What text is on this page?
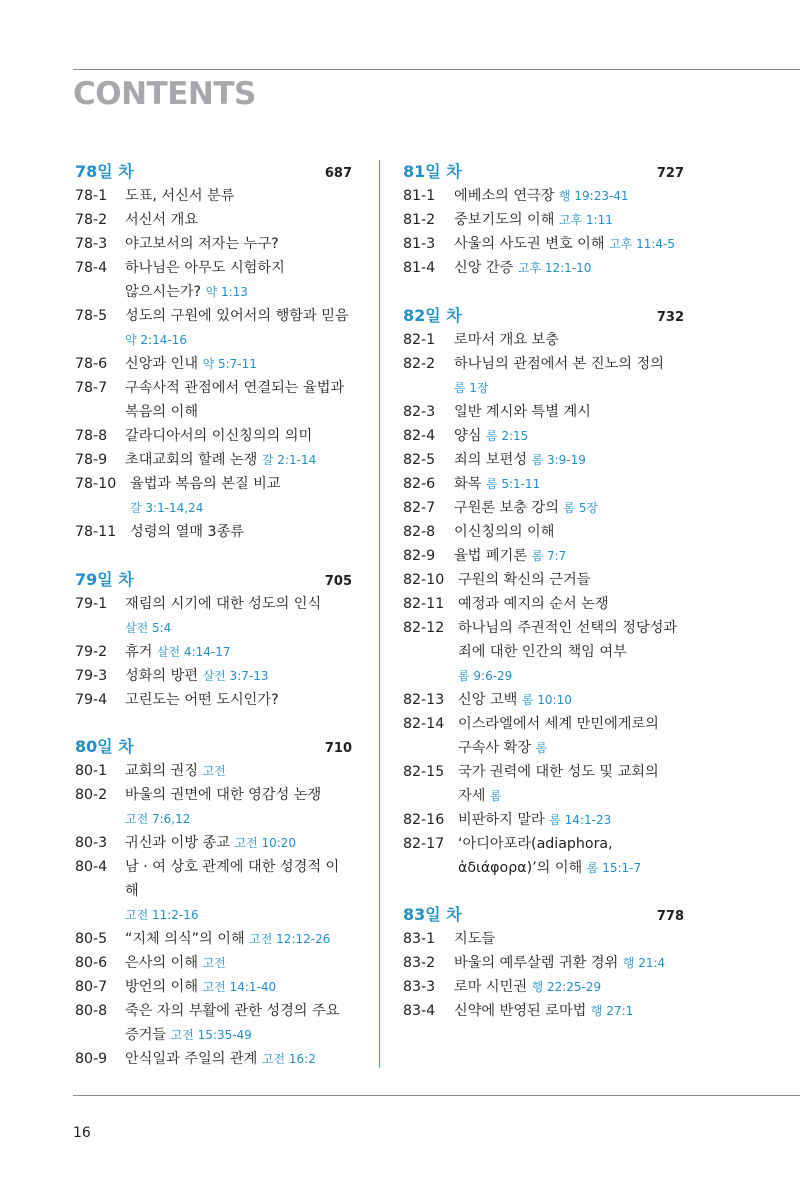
CONTENTS
78일 차	687
78-1 도표, 서신서 분류
78-2 서신서 개요
78-3 야고보서의 저자는 누구?
78-4 하나님은 아무도 시험하지
않으시는가? 약 1:13
78-5 성도의 구원에 있어서의 행함과 믿음
약 2:14-16
78-6 신앙과 인내 약 5:7-11
78-7 구속사적 관점에서 연결되는 율법과
복음의 이해
78-8 갈라디아서의 이신칭의의 의미
78-9 초대교회의 할례 논쟁 갈 2:1-14
78-10 율법과 복음의 본질 비교
갈 3:1-14,24
78-11 성령의 열매 3종류
79일 차	705
79-1 재림의 시기에 대한 성도의 인식
살전 5:4
79-2 휴거 살전 4:14-17
79-3 성화의 방편 살전 3:7-13
79-4 고린도는 어떤 도시인가?
80일 차	710
80-1 교회의 권징 고전
80-2 바울의 권면에 대한 영감성 논쟁
고전 7:6,12
80-3 귀신과 이방 종교 고전 10:20
80-4 남 · 여 상호 관계에 대한 성경적 이해
고전 11:2-16
80-5 “지체 의식”의 이해 고전 12:12-26
80-6 은사의 이해 고전
80-7 방언의 이해 고전 14:1-40
80-8 죽은 자의 부활에 관한 성경의 주요
증거들 고전 15:35-49
80-9 안식일과 주일의 관계 고전 16:2
81일 차	727
81-1	에베소의 연극장 행 19:23-41
81-2	중보기도의 이해 고후 1:11
81-3	사울의 사도권 변호 이해 고후 11:4-5
81-4	신앙 간증 고후 12:1-10
82일 차	732
82-1	로마서 개요 보충
82-2	하나님의 관점에서 본 진노의 정의
롬 1장
82-3	일반 계시와 특별 계시
82-4	양심 롬 2:15
82-5	죄의 보편성 롬 3:9-19
82-6	화목 롬 5:1-11
82-7	구원론 보충 강의 롬 5장
82-8	이신칭의의 이해
82-9	율법 폐기론 롬 7:7
82-10 구원의 확신의 근거들
82-11 예정과 예지의 순서 논쟁
82-12 하나님의 주권적인 선택의 정당성과
죄에 대한 인간의 책임 여부 롬 9:6-29
82-13 신앙 고백 롬 10:10
82-14 이스라엘에서 세계 만민에게로의
구속사 확장 롬
82-15 국가 권력에 대한 성도 및 교회의
자세 롬
82-16 비판하지 말라 롬 14:1-23
82-17 ‘아디아포라(adiaphora,
ἀδιάφορα)’의 이해 롬 15:1-7
83일 차	778
83-1	지도들
83-2	바울의 예루살렘 귀환 경위 행 21:4
83-3	로마 시민권 행 22:25-29
83-4	신약에 반영된 로마법 행 27:1
16
